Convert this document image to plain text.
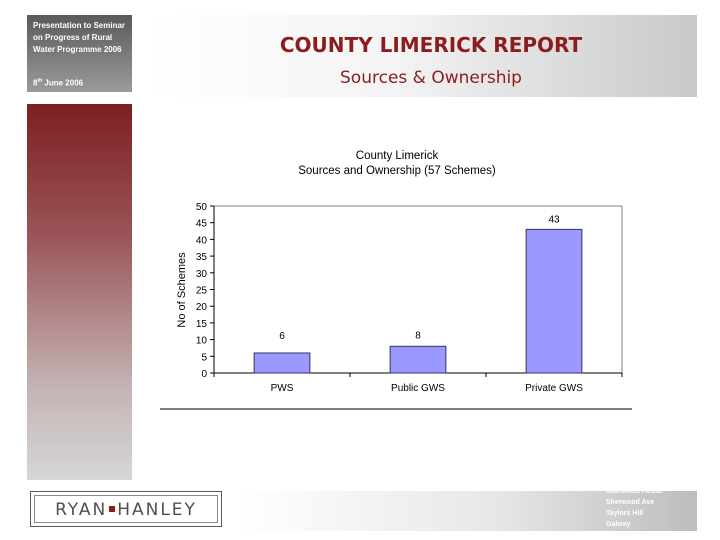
Presentation to Seminar on Progress of Rural Water Programme 2006
8th June 2006
COUNTY LIMERICK REPORT
Sources & Ownership
County Limerick
Sources and Ownership (57 Schemes)
No of Schemes
0
5
10
15
20
25
30
35
40
45
50
PWS
6
Public GWS
8
Private GWS
43
RYAN HANLEY
Sherwood House
Sherwood Ave
Taylors Hill
Galway
